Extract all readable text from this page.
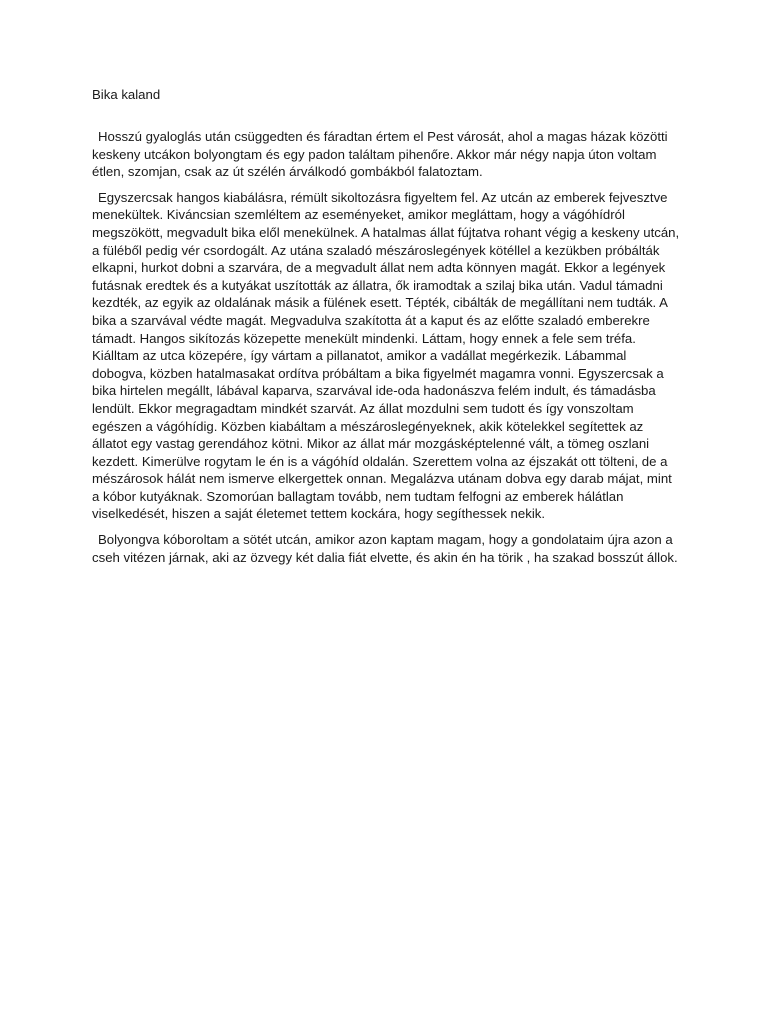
Bika kaland

Hosszú gyaloglás után csüggedten és fáradtan értem el Pest városát, ahol a magas házak közötti keskeny utcákon bolyongtam és egy padon találtam pihenőre. Akkor már négy napja úton voltam étlen, szomjan, csak az út szélén árválkodó gombákból falatoztam.

Egyszercsak hangos kiabálásra, rémült sikoltozásra figyeltem fel. Az utcán az emberek fejvesztve menekültek. Kiváncsian szemléltem az eseményeket, amikor megláttam, hogy a vágóhídról megszökött, megvadult bika elől menekülnek. A hatalmas állat fújtatva rohant végig a keskeny utcán, a füléből pedig vér csordogált. Az utána szaladó mészároslegények kötéllel a kezükben próbálták elkapni, hurkot dobni a szarvára, de a megvadult állat nem adta könnyen magát. Ekkor a legények futásnak eredtek és a kutyákat uszították az állatra, ők iramodtak a szilaj bika után. Vadul támadni kezdték, az egyik az oldalának másik a fülének esett. Tépték, cibálták de megállítani nem tudták. A bika a szarvával védte magát. Megvadulva szakította át a kaput és az előtte szaladó emberekre támadt. Hangos sikítozás közepette menekült mindenki. Láttam, hogy ennek a fele sem tréfa. Kiálltam az utca közepére, így vártam a pillanatot, amikor a vadállat megérkezik. Lábammal dobogva, közben hatalmasakat ordítva próbáltam a bika figyelmét magamra vonni. Egyszercsak a bika hirtelen megállt, lábával kaparva, szarvával ide-oda hadonászva felém indult, és támadásba lendült. Ekkor megragadtam mindkét szarvát. Az állat mozdulni sem tudott és így vonszoltam egészen a vágóhídig. Közben kiabáltam a mészároslegényeknek, akik kötelekkel segítettek az állatot egy vastag gerendához kötni. Mikor az állat már mozgásképtelenné vált, a tömeg oszlani kezdett. Kimerülve rogytam le én is a vágóhíd oldalán. Szerettem volna az éjszakát ott tölteni, de a mészárosok hálát nem ismerve elkergettek onnan. Megalázva utánam dobva egy darab májat, mint a kóbor kutyáknak. Szomorúan ballagtam tovább, nem tudtam felfogni az emberek hálátlan viselkedését, hiszen a saját életemet tettem kockára, hogy segíthessek nekik.

Bolyongva kóboroltam a sötét utcán, amikor azon kaptam magam, hogy a gondolataim újra azon a cseh vitézen járnak, aki az özvegy két dalia fiát elvette, és akin én ha törik , ha szakad bosszút állok.
